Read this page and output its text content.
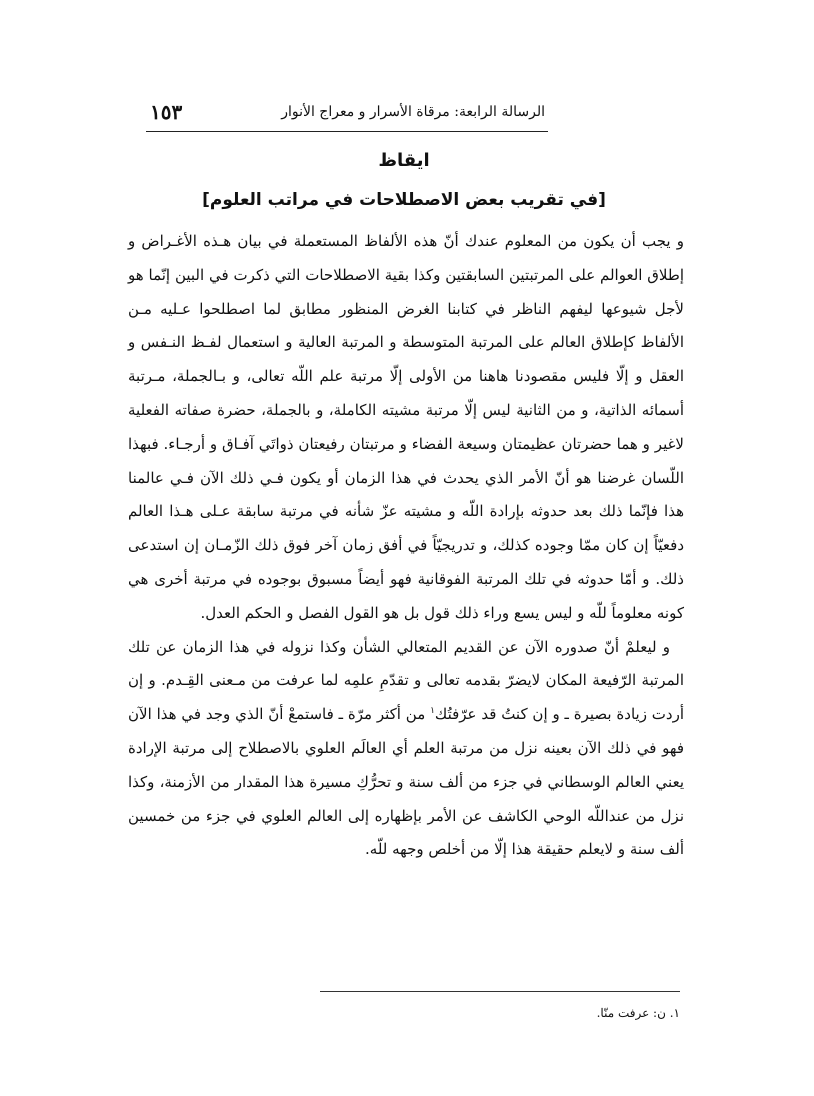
١٥٣	الرسالة الرابعة: مرقاة الأسرار و معراج الأنوار
ايقاظ
[في تقريب بعض الاصطلاحات في مراتب العلوم]

و يجب أن يكون من المعلوم عندك أنّ هذه الألفاظ المستعملة في بيان هـذه الأغـراض و إطلاق العوالم على المرتبتين السابقتين وكذا بقية الاصطلاحات التي ذكرت في البين إنّما هو لأجل شيوعها ليفهم الناظر في كتابنا الغرض المنظور مطابق لما اصطلحوا عـليه مـن الألفاظ كإطلاق العالم على المرتبة المتوسطة و المرتبة العالية و استعمال لفـظ النـفس و العقل و إلّا فليس مقصودنا هاهنا من الأولى إلّا مرتبة علم اللّه تعالى، و بـالجملة، مـرتبة أسمائه الذاتية، و من الثانية ليس إلّا مرتبة مشيته الكاملة، و بالجملة، حضرة صفاته الفعلية لاغير و هما حضرتان عظيمتان وسيعة الفضاء و مرتبتان رفيعتان ذواتَي آفـاق و أرجـاء. فبهذا اللّسان غرضنا هو أنّ الأمر الذي يحدث في هذا الزمان أو يكون فـي ذلك الآن فـي عالمنا هذا فإنّما ذلك بعد حدوثه بإرادة اللّه و مشيته عزّ شأنه في مرتبة سابقة عـلى هـذا العالم دفعيّاً إن كان ممّا وجوده كذلك، و تدريجيّاً في أفق زمان آخر فوق ذلك الزّمـان إن استدعى ذلك. و أمّا حدوثه في تلك المرتبة الفوقانية فهو أيضاً مسبوق بوجوده في مرتبة أخرى هي كونه معلوماً للّه و ليس يسع وراء ذلك قول بل هو القول الفصل و الحكم العدل.

و ليعلمْ أنّ صدوره الآن عن القديم المتعالي الشأن وكذا نزوله في هذا الزمان عن تلك المرتبة الرّفيعة المكان لايضرّ بقدمه تعالى و تقدّمِ علمِه لما عرفت من مـعنى القِـدم. و إن أردت زيادة بصيرة ـ و إن كنتُ قد عرّفتُك$^١$ من أكثر مرّة ـ فاستمعْ أنّ الذي وجد في هذا الآن فهو في ذلك الآن بعينه نزل من مرتبة العلم أي العالَم العلوي بالاصطلاح إلى مرتبة الإرادة يعني العالم الوسطاني في جزء من ألف سنة و تحرُّكِ مسيرة هذا المقدار من الأزمنة، وكذا نزل من عنداللّه الوحي الكاشف عن الأمر بإظهاره إلى العالم العلوي في جزء من خمسين ألف سنة و لايعلم حقيقة هذا إلّا من أخلص وجهه للّه.

١. ن: عرفت منّا.
